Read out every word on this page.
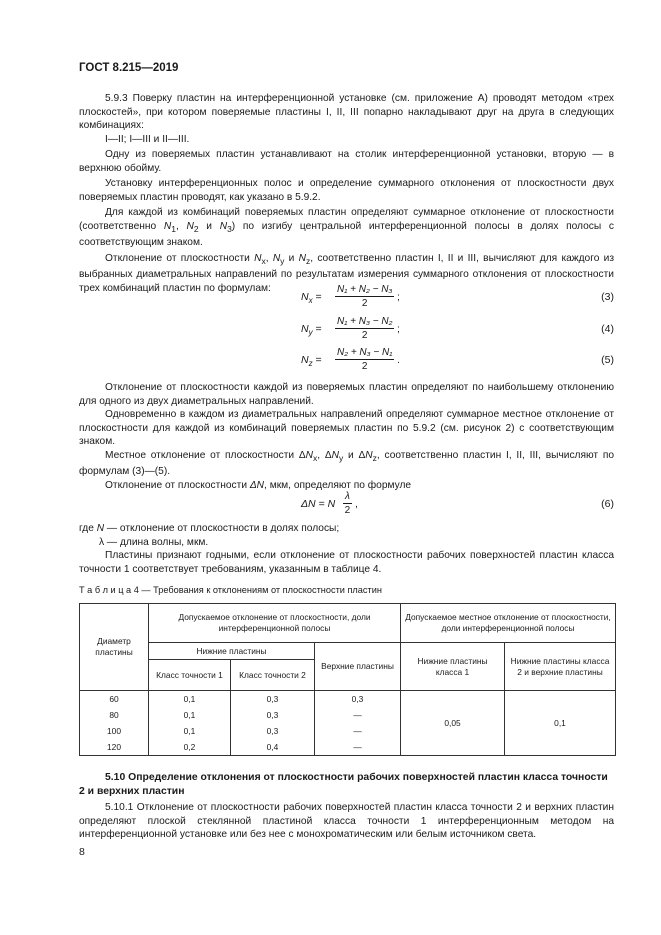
ГОСТ 8.215—2019

5.9.3 Поверку пластин на интерференционной установке (см. приложение А) проводят методом «трех плоскостей», при котором поверяемые пластины I, II, III попарно накладывают друг на друга в следующих комбинациях:

I—II; I—III и II—III.

Одну из поверяемых пластин устанавливают на столик интерференционной установки, вторую — в верхнюю обойму.

Установку интерференционных полос и определение суммарного отклонения от плоскостности двух поверяемых пластин проводят, как указано в 5.9.2.

Для каждой из комбинаций поверяемых пластин определяют суммарное отклонение от плоскостности (соответственно $N_1$, $N_2$ и $N_3$) по изгибу центральной интерференционной полосы в долях полосы с соответствующим знаком.

Отклонение от плоскостности $N_x$, $N_y$ и $N_z$, соответственно пластин I, II и III, вычисляют для каждого из выбранных диаметральных направлений по результатам измерения суммарного отклонения от плоскостности трех комбинаций пластин по формулам:

$N_x = \frac{\text{N₁ + N₂ − N₃}}{2}$ ;	(3)
$N_y = \frac{\text{N₁ + N₃ − N₂}}{2}$ ;	(4)
$N_z = \frac{\text{N₂ + N₃ − N₁}}{2}$ .	(5)

Отклонение от плоскостности каждой из поверяемых пластин определяют по наибольшему отклонению для одного из двух диаметральных направлений.

Одновременно в каждом из диаметральных направлений определяют суммарное местное отклонение от плоскостности для каждой из комбинаций поверяемых пластин по 5.9.2 (см. рисунок 2) с соответствующим знаком.

Местное отклонение от плоскостности $\Delta N_x$, $\Delta N_y$ и $\Delta N_z$, соответственно пластин I, II, III, вычисляют по формулам (3)—(5).

Отклонение от плоскостности ΔN, мкм, определяют по формуле

ΔN = N $\frac{\lambda}{2}$ ,	(6)

где N — отклонение от плоскостности в долях полосы;

λ — длина волны, мкм.

Пластины признают годными, если отклонение от плоскостности рабочих поверхностей пластин класса точности 1 соответствует требованиям, указанным в таблице 4.

Т а б л и ц а 4 — Требования к отклонениям от плоскостности пластин
Диаметр пластины	Допускаемое отклонение от плоскостности, доли интерференционной полосы			Допускаемое местное отклонение от плоскостности, доли интерференционной полосы	
	Нижние пластины		Верхние пластины	Нижние пластины класса 1	Нижние пластины класса 2 и верхние пластины
	Класс точности 1	Класс точности 2			
60	0,1	0,3	0,3	0,05	0,1
80	0,1	0,3	—		
100	0,1	0,3	—		
120	0,2	0,4	—		
5.10 Определение отклонения от плоскостности рабочих поверхностей пластин класса точности 2 и верхних пластин

5.10.1 Отклонение от плоскостности рабочих поверхностей пластин класса точности 2 и верхних пластин определяют плоской стеклянной пластиной класса точности 1 интерференционным методом на интерференционной установке или без нее с монохроматическим или белым источником света.

8
